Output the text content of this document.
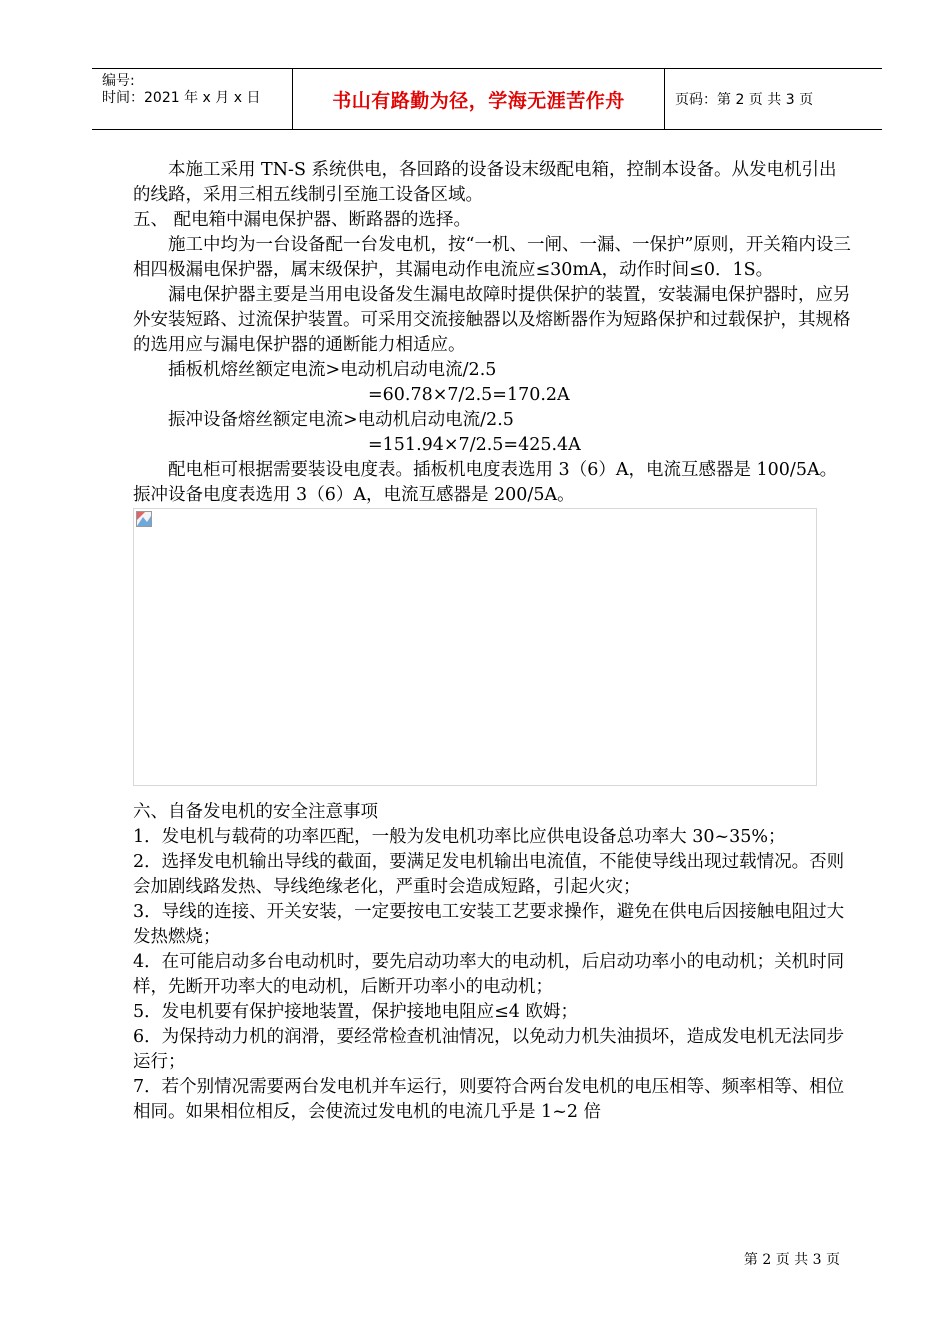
编号:
时间：2021 年 x 月 x 日	书山有路勤为径，学海无涯苦作舟	页码：第 2 页 共 3 页

本施工采用 TN-S 系统供电，各回路的设备设末级配电箱，控制本设备。从发电机引出的线路，采用三相五线制引至施工设备区域。

五、 配电箱中漏电保护器、断路器的选择。

施工中均为一台设备配一台发电机，按“一机、一闸、一漏、一保护”原则，开关箱内设三相四极漏电保护器，属末级保护，其漏电动作电流应≤30mA，动作时间≤0．1S。

漏电保护器主要是当用电设备发生漏电故障时提供保护的装置，安装漏电保护器时，应另外安装短路、过流保护装置。可采用交流接触器以及熔断器作为短路保护和过载保护，其规格的选用应与漏电保护器的通断能力相适应。

插板机熔丝额定电流>电动机启动电流/2.5

=60.78×7/2.5=170.2A

振冲设备熔丝额定电流>电动机启动电流/2.5

=151.94×7/2.5=425.4A

配电柜可根据需要装设电度表。插板机电度表选用 3（6）A，电流互感器是 100/5A。振冲设备电度表选用 3（6）A，电流互感器是 200/5A。

六、自备发电机的安全注意事项

1．发电机与载荷的功率匹配，一般为发电机功率比应供电设备总功率大 30~35%；

2．选择发电机输出导线的截面，要满足发电机输出电流值，不能使导线出现过载情况。否则会加剧线路发热、导线绝缘老化，严重时会造成短路，引起火灾；

3．导线的连接、开关安装，一定要按电工安装工艺要求操作，避免在供电后因接触电阻过大发热燃烧；

4．在可能启动多台电动机时，要先启动功率大的电动机，后启动功率小的电动机；关机时同样，先断开功率大的电动机，后断开功率小的电动机；

5．发电机要有保护接地装置，保护接地电阻应≤4 欧姆；

6．为保持动力机的润滑，要经常检查机油情况，以免动力机失油损坏，造成发电机无法同步运行；

7．若个别情况需要两台发电机并车运行，则要符合两台发电机的电压相等、频率相等、相位相同。如果相位相反，会使流过发电机的电流几乎是 1~2 倍

第 2 页 共 3 页
